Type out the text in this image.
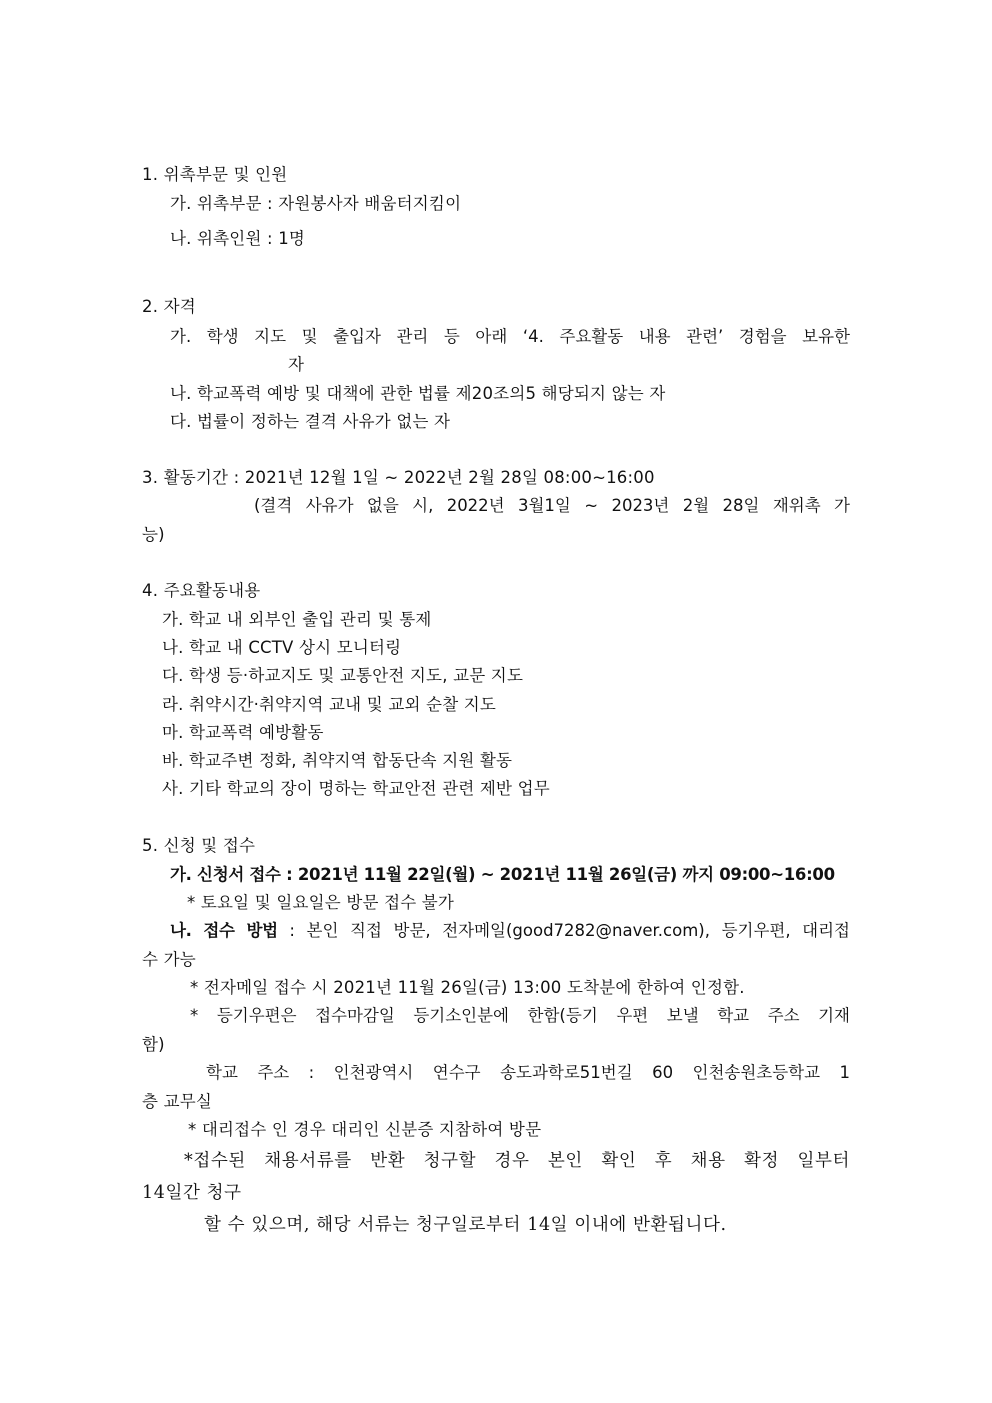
1. 위촉부문 및 인원
가. 위촉부문 : 자원봉사자 배움터지킴이
나. 위촉인원 : 1명
2. 자격
가. 학생 지도 및 출입자 관리 등 아래 ‘4. 주요활동 내용 관련’ 경험을 보유한
자
나. 학교폭력 예방 및 대책에 관한 법률 제20조의5 해당되지 않는 자
다. 법률이 정하는 결격 사유가 없는 자
3. 활동기간 : 2021년 12월 1일 ~ 2022년 2월 28일 08:00~16:00
(결격 사유가 없을 시, 2022년 3월1일 ~ 2023년 2월 28일 재위촉 가
능)
4. 주요활동내용
가. 학교 내 외부인 출입 관리 및 통제
나. 학교 내 CCTV 상시 모니터링
다. 학생 등·하교지도 및 교통안전 지도, 교문 지도
라. 취약시간·취약지역 교내 및 교외 순찰 지도
마. 학교폭력 예방활동
바. 학교주변 정화, 취약지역 합동단속 지원 활동
사. 기타 학교의 장이 명하는 학교안전 관련 제반 업무
5. 신청 및 접수
가. 신청서 접수 : 2021년 11월 22일(월) ~ 2021년 11월 26일(금) 까지 09:00~16:00
* 토요일 및 일요일은 방문 접수 불가
나. 접수 방법 : 본인 직접 방문, 전자메일(good7282@naver.com), 등기우편, 대리접
수 가능
* 전자메일 접수 시 2021년 11월 26일(금) 13:00 도착분에 한하여 인정함.
* 등기우편은 접수마감일 등기소인분에 한함(등기 우편 보낼 학교 주소 기재
함)
학교 주소 : 인천광역시 연수구 송도과학로51번길 60 인천송원초등학교 1
층 교무실
* 대리접수 인 경우 대리인 신분증 지참하여 방문
*접수된 채용서류를 반환 청구할 경우 본인 확인 후 채용 확정 일부터
14일간 청구
할 수 있으며, 해당 서류는 청구일로부터 14일 이내에 반환됩니다.
